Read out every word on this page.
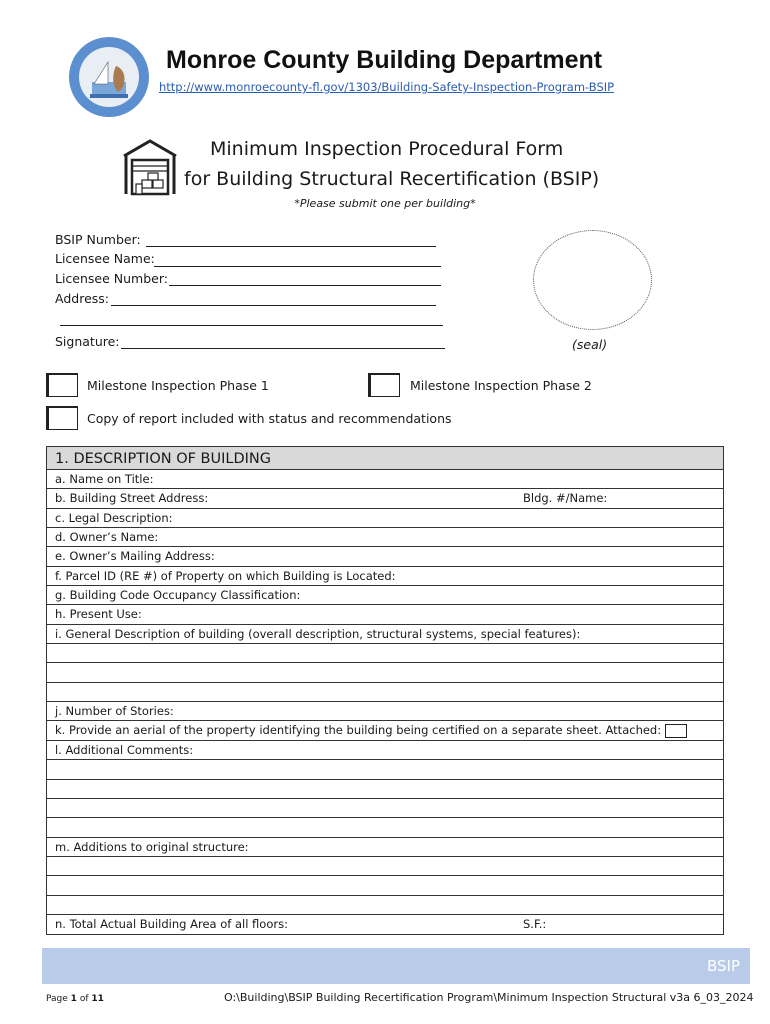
Monroe County Building Department
http://www.monroecounty-fl.gov/1303/Building-Safety-Inspection-Program-BSIP
Minimum Inspection Procedural Form
for Building Structural Recertification (BSIP)
*Please submit one per building*
BSIP Number:
Licensee Name:
Licensee Number:
Address:
Signature:	(seal)
Milestone Inspection Phase 1	Milestone Inspection Phase 2
Copy of report included with status and recommendations
1. DESCRIPTION OF BUILDING
a. Name on Title:
b. Building Street Address:	Bldg. #/Name:
c. Legal Description:
d. Owner’s Name:
e. Owner’s Mailing Address:
f. Parcel ID (RE #) of Property on which Building is Located:
g. Building Code Occupancy Classification:
h. Present Use:
i. General Description of building (overall description, structural systems, special features):
j. Number of Stories:
k. Provide an aerial of the property identifying the building being certified on a separate sheet. Attached:
l. Additional Comments:
m. Additions to original structure:
n. Total Actual Building Area of all floors:	S.F.:
BSIP
Page 1 of 11	O:\Building\BSIP Building Recertification Program\Minimum Inspection Structural v3a 6_03_2024
